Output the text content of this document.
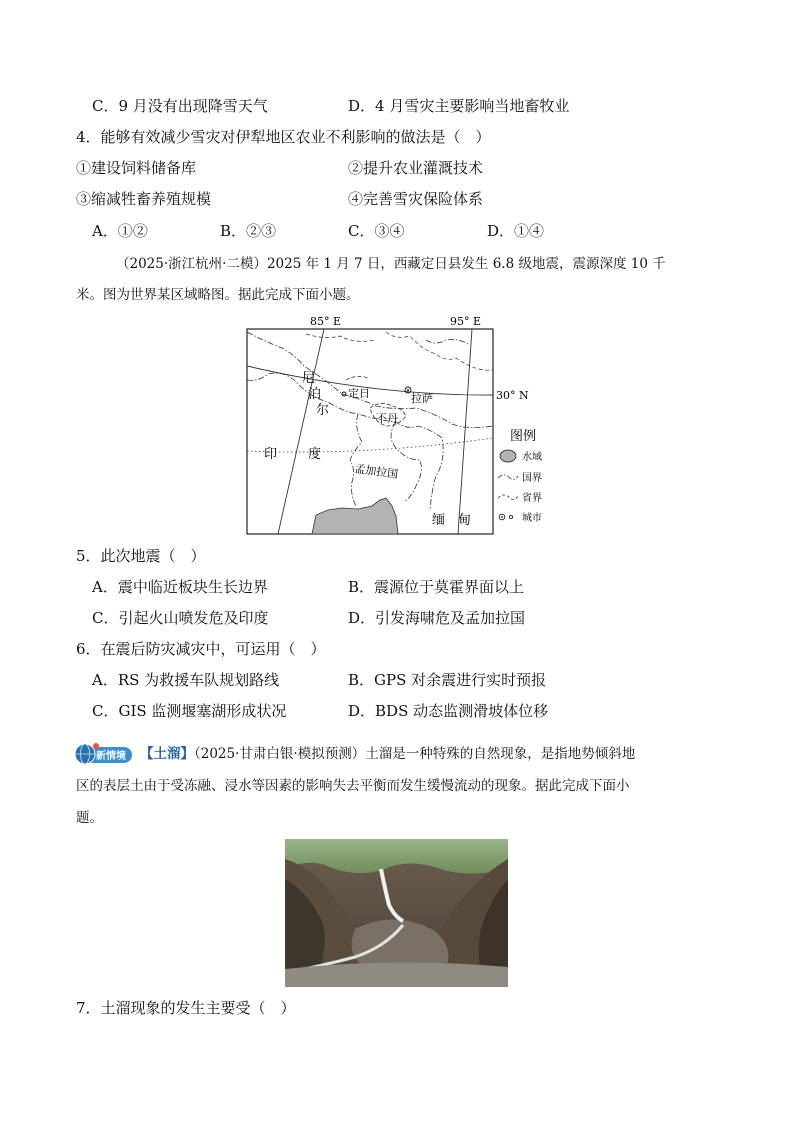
C．9 月没有出现降雪天气	D．4 月雪灾主要影响当地畜牧业
4．能够有效减少雪灾对伊犁地区农业不利影响的做法是（　）
①建设饲料储备库	②提升农业灌溉技术
③缩减牲畜养殖规模	④完善雪灾保险体系
A．①②	B．②③	C．③④	D．①④
（2025·浙江杭州·二模）2025 年 1 月 7 日，西藏定日县发生 6.8 级地震，震源深度 10 千
米。图为世界某区域略图。据此完成下面小题。
85° E	95° E
30° N
尼
泊
尔
不丹
印 度
孟加拉国
缅 甸
定日	拉萨
图例
水域
国界
省界
城市
5．此次地震（　）
A．震中临近板块生长边界	B．震源位于莫霍界面以上
C．引起火山喷发危及印度	D．引发海啸危及孟加拉国
6．在震后防灾减灾中，可运用（　）
A．RS 为救援车队规划路线	B．GPS 对余震进行实时预报
C．GIS 监测堰塞湖形成状况	D．BDS 动态监测滑坡体位移
新情境 【土溜】（2025·甘肃白银·模拟预测）土溜是一种特殊的自然现象，是指地势倾斜地
区的表层土由于受冻融、浸水等因素的影响失去平衡而发生缓慢流动的现象。据此完成下面小
题。
7．土溜现象的发生主要受（　）
